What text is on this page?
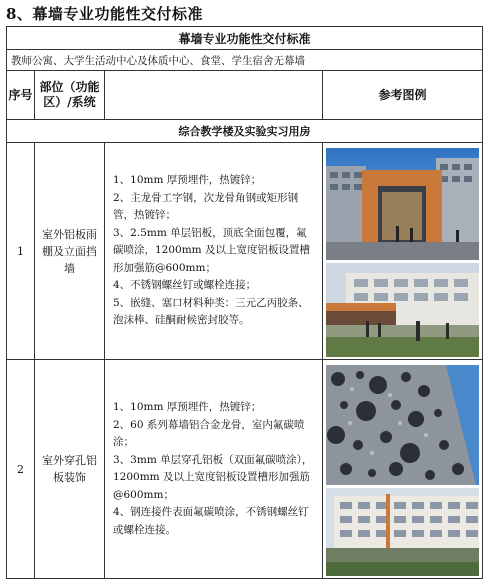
8、幕墙专业功能性交付标准
幕墙专业功能性交付标准			
教师公寓、大学生活动中心及体质中心、食堂、学生宿舍无幕墙			
序号	部位（功能区）/系统		参考图例
综合教学楼及实验实习用房			
1	室外铝板雨棚及立面挡墙	1、10mm 厚预埋件，热镀锌；
2、主龙骨工字钢，次龙骨角钢或矩形钢管，热镀锌；
3、2.5mm 单层铝板，顶底全面包覆，氟碳喷涂，1200mm 及以上宽度铝板设置槽形加强筋@600mm；
4、不锈钢螺丝钉或螺栓连接；
5、嵌缝、塞口材料种类：三元乙丙胶条、泡沫棒、硅酮耐候密封胶等。

2	室外穿孔铝板装饰	1、10mm 厚预埋件，热镀锌；
2、60 系列幕墙铝合金龙骨，室内氟碳喷涂；
3、3mm 单层穿孔铝板（双面氟碳喷涂），1200mm 及以上宽度铝板设置槽形加强筋@600mm；
4、钢连接件表面氟碳喷涂，不锈钢螺丝钉或螺栓连接。
